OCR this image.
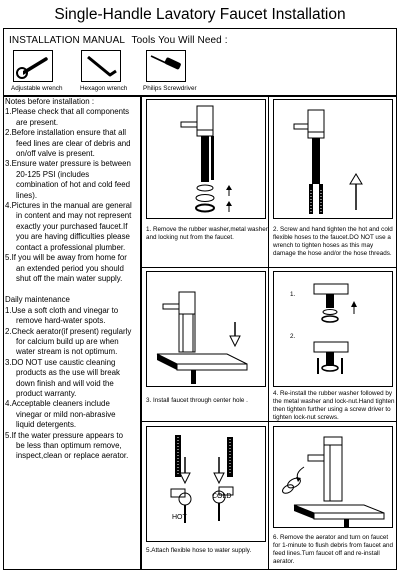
Single-Handle Lavatory Faucet Installation
INSTALLATION MANUAL Tools You Will Need :
Adjustable wrench	Hexagon wrench Philips Screwdriver

Notes before installation :

1.Please check that all components are present.

2.Before installation ensure that all feed lines are clear of debris and on/off valve is present.

3.Ensure water pressure is between 20-125 PSI (includes combination of hot and cold feed lines).

4.Pictures in the manual are general in content and may not represent exactly your purchased faucet.If you are having difficulties please contact a professional plumber.

5.If you will be away from home for an extended period you should shut off the main water supply.

Daily maintenance

1.Use a soft cloth and vinegar to remove hard-water spots.

2.Check aerator(if present) regularly for calcium build up are when water stream is not optimum.

3.DO NOT use caustic cleaning products as the use will break down finish and will void the product warranty.

4.Acceptable cleaners include vinegar or mild non-abrasive liquid detergents.

5.If the water pressure appears to be less than optimum remove, inspect,clean or replace aerator.

1. Remove the rubber washer,metal washer and locking nut from the faucet.
2. Screw and hand tighten the hot and cold flexible hoses to the faucet.DO NOT use a wrench to tighten hoses as this may damage the hose and/or the hose threads.
3. Install faucet through center hole .
1.
2.
4. Re-install the rubber washer followed by the metal washer and lock-nut.Hand tighten then tighten further using a screw driver to tighten lock-nut screws.
COLD
HOT
5.Attach flexible hose to water supply.
6. Remove the aerator and turn on faucet for 1-minute to flush debris from faucet and feed lines.Turn faucet off and re-install aerator.
